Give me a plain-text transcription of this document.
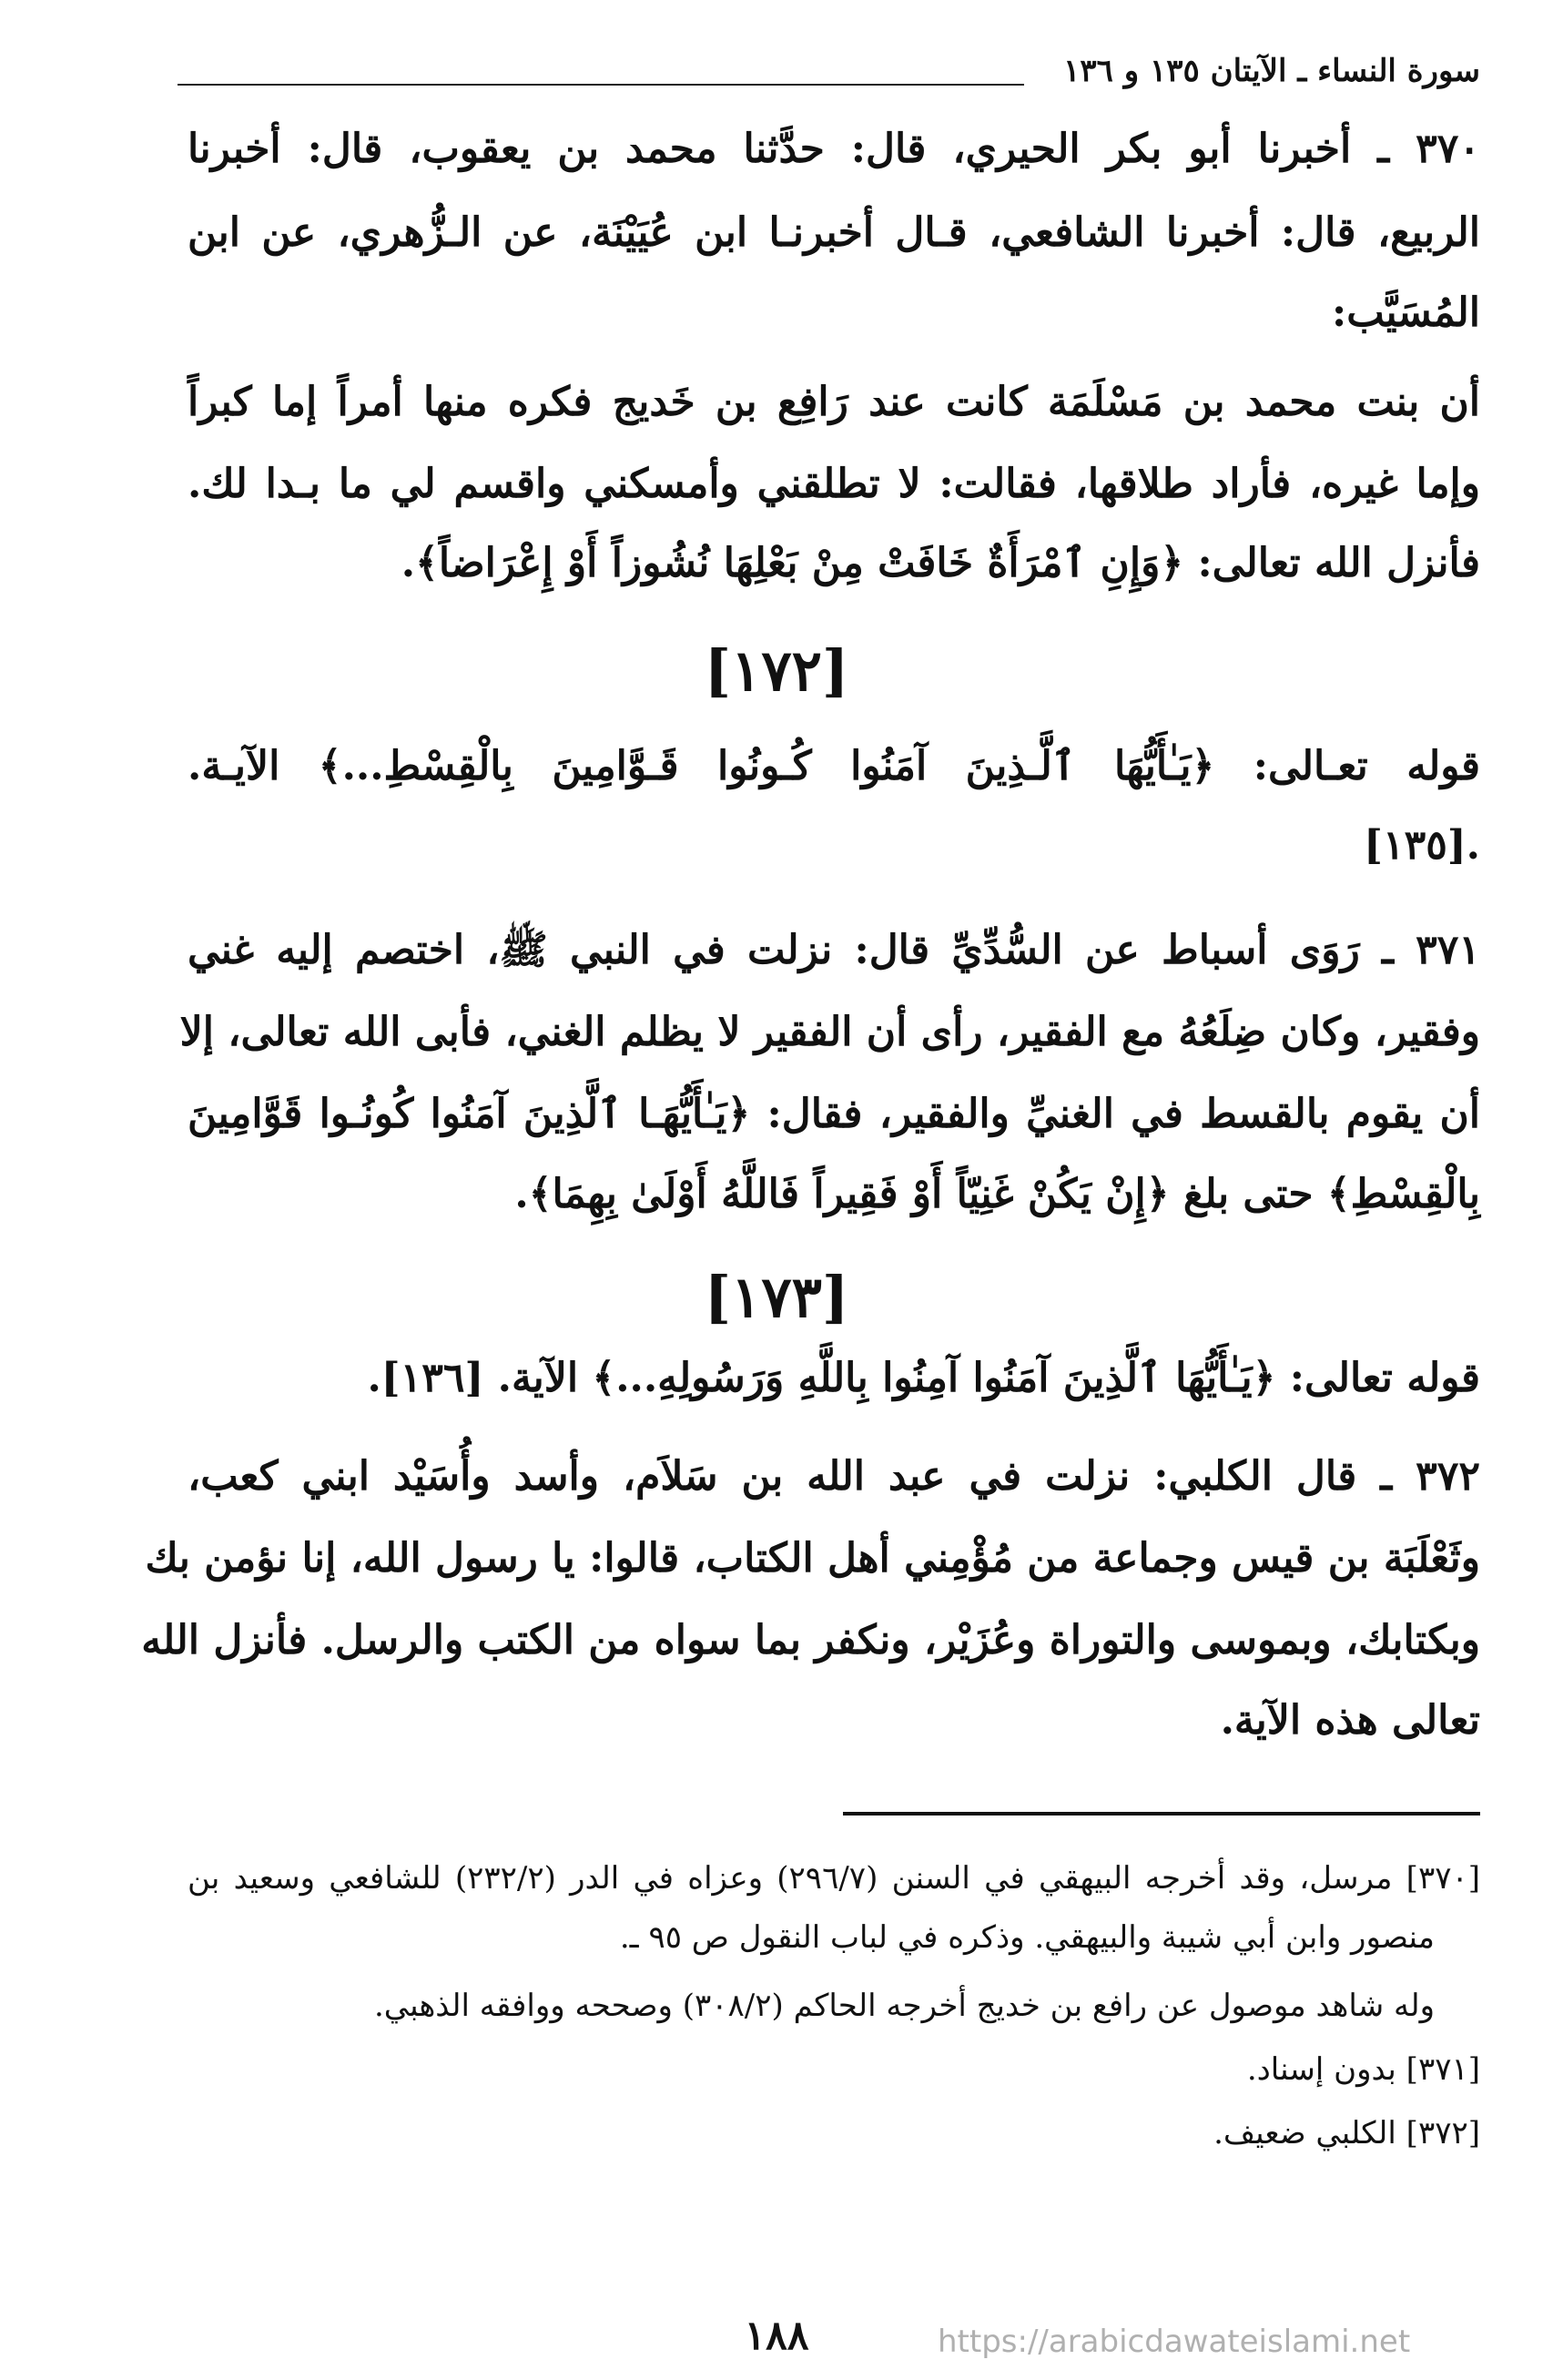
سورة النساء ـ الآيتان ١٣٥ و ١٣٦
٣٧٠ ـ أخبرنا أبو بكر الحيري، قال: حدَّثنا محمد بن يعقوب، قال: أخبرنا
الربيع، قال: أخبرنا الشافعي، قـال أخبرنـا ابن عُيَيْنَة، عن الـزُّهري، عن ابن
المُسَيَّب:
أن بنت محمد بن مَسْلَمَة كانت عند رَافِع بن خَديج فكره منها أمراً إما كبراً
وإما غيره، فأراد طلاقها، فقالت: لا تطلقني وأمسكني واقسم لي ما بـدا لك.
فأنزل الله تعالى: ﴿وَإِنِ ٱمْرَأَةٌ خَافَتْ مِنْ بَعْلِهَا نُشُوزاً أَوْ إِعْرَاضاً﴾.
[١٧٢]
قوله تعـالى: ﴿يَـٰأَيُّهَا ٱلَّـذِينَ آمَنُوا كُـونُوا قَـوَّامِينَ بِالْقِسْطِ...﴾ الآيـة.
.[١٣٥]
٣٧١ ـ رَوَى أسباط عن السُّدِّيِّ قال: نزلت في النبي ﷺ، اختصم إليه غني
وفقير، وكان ضِلَعُهُ مع الفقير، رأى أن الفقير لا يظلم الغني، فأبى الله تعالى، إلا
أن يقوم بالقسط في الغنيِّ والفقير، فقال: ﴿يَـٰأَيُّهَـا ٱلَّذِينَ آمَنُوا كُونُـوا قَوَّامِينَ
بِالْقِسْطِ﴾ حتى بلغ ﴿إِنْ يَكُنْ غَنِيّاً أَوْ فَقِيراً فَاللَّهُ أَوْلَىٰ بِهِمَا﴾.
[١٧٣]
قوله تعالى: ﴿يَـٰأَيُّهَا ٱلَّذِينَ آمَنُوا آمِنُوا بِاللَّهِ وَرَسُولِهِ...﴾ الآية. [١٣٦].
٣٧٢ ـ قال الكلبي: نزلت في عبد الله بن سَلاَم، وأسد وأُسَيْد ابني كعب،
وثَعْلَبَة بن قيس وجماعة من مُؤْمِني أهل الكتاب، قالوا: يا رسول الله، إنا نؤمن بك
وبكتابك، وبموسى والتوراة وعُزَيْر، ونكفر بما سواه من الكتب والرسل. فأنزل الله
تعالى هذه الآية.
[٣٧٠] مرسل، وقد أخرجه البيهقي في السنن (٢٩٦/٧) وعزاه في الدر (٢٣٢/٢) للشافعي وسعيد بن
منصور وابن أبي شيبة والبيهقي. وذكره في لباب النقول ص ٩٥ ـ.
وله شاهد موصول عن رافع بن خديج أخرجه الحاكم (٣٠٨/٢) وصححه ووافقه الذهبي.
[٣٧١] بدون إسناد.
[٣٧٢] الكلبي ضعيف.
١٨٨	https://arabicdawateislami.net
